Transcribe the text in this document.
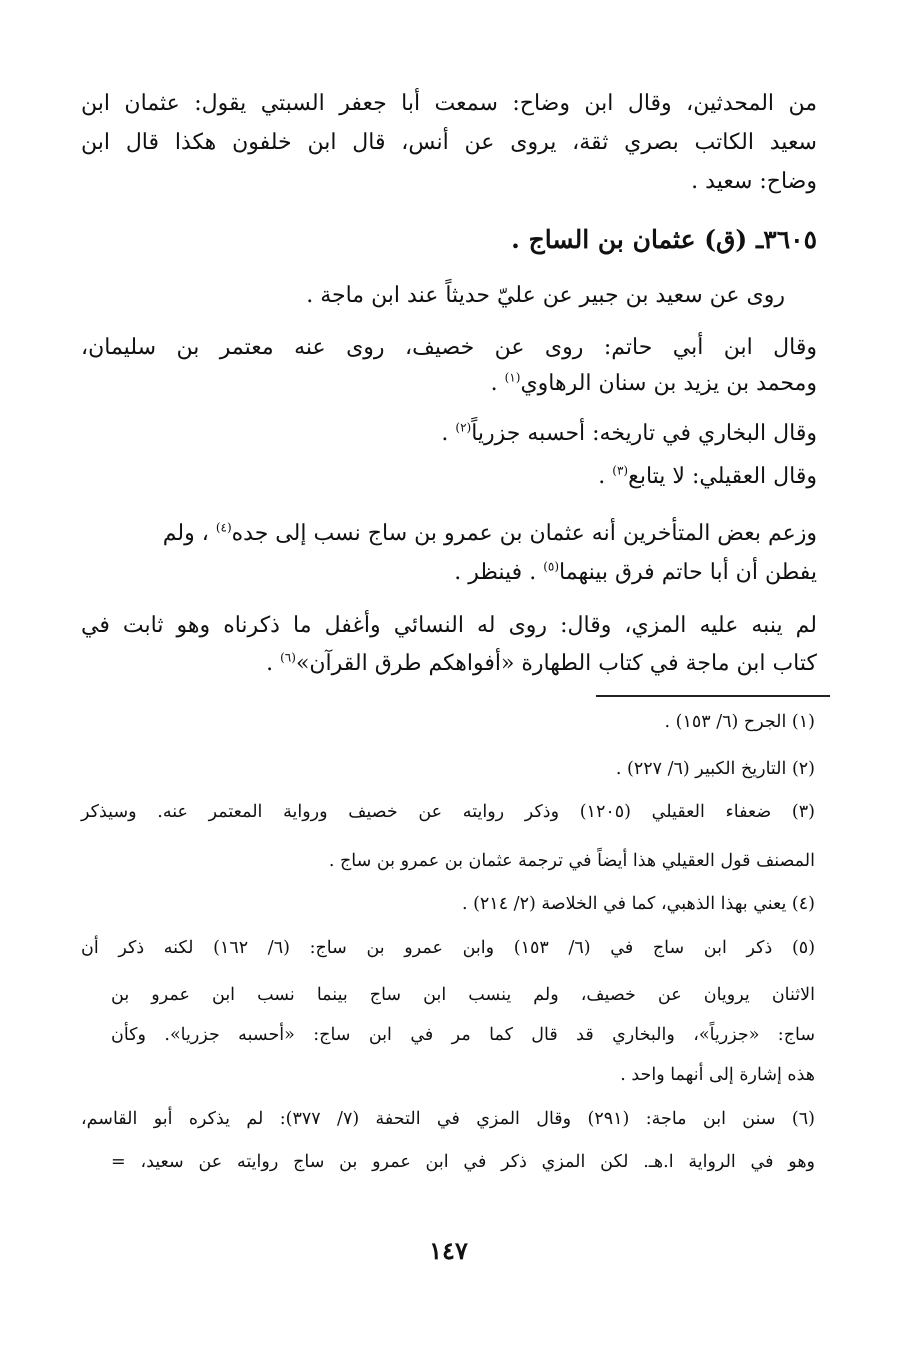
من المحدثين، وقال ابن وضاح: سمعت أبا جعفر السبتي يقول: عثمان ابن
سعيد الكاتب بصري ثقة، يروى عن أنس، قال ابن خلفون هكذا قال ابن
وضاح: سعيد .
٣٦٠٥ـ (ق) عثمان بن الساج .
روى عن سعيد بن جبير عن عليّ حديثاً عند ابن ماجة .
وقال ابن أبي حاتم: روى عن خصيف، روى عنه معتمر بن سليمان،
ومحمد بن يزيد بن سنان الرهاوي$^{(١)}$ .
وقال البخاري في تاريخه: أحسبه جزرياً$^{(٢)}$ .
وقال العقيلي: لا يتابع$^{(٣)}$ .
وزعم بعض المتأخرين أنه عثمان بن عمرو بن ساج نسب إلى جده$^{(٤)}$ ، ولم
يفطن أن أبا حاتم فرق بينهما$^{(٥)}$ . فينظر .
لم ينبه عليه المزي، وقال: روى له النسائي وأغفل ما ذكرناه وهو ثابت في
كتاب ابن ماجة في كتاب الطهارة «أفواهكم طرق القرآن»$^{(٦)}$ .
(١) الجرح (٦/ ١٥٣) .
(٢) التاريخ الكبير (٦/ ٢٢٧) .
(٣) ضعفاء العقيلي (١٢٠٥) وذكر روايته عن خصيف ورواية المعتمر عنه. وسيذكر
المصنف قول العقيلي هذا أيضاً في ترجمة عثمان بن عمرو بن ساج .
(٤) يعني بهذا الذهبي، كما في الخلاصة (٢/ ٢١٤) .
(٥) ذكر ابن ساج في (٦/ ١٥٣) وابن عمرو بن ساج: (٦/ ١٦٢) لكنه ذكر أن
الاثنان يرويان عن خصيف، ولم ينسب ابن ساج بينما نسب ابن عمرو بن
ساج: «جزرياً»، والبخاري قد قال كما مر في ابن ساج: «أحسبه جزريا». وكأن
هذه إشارة إلى أنهما واحد .
(٦) سنن ابن ماجة: (٢٩١) وقال المزي في التحفة (٧/ ٣٧٧): لم يذكره أبو القاسم،
وهو في الرواية ا.هـ. لكن المزي ذكر في ابن عمرو بن ساج روايته عن سعيد، =
١٤٧
